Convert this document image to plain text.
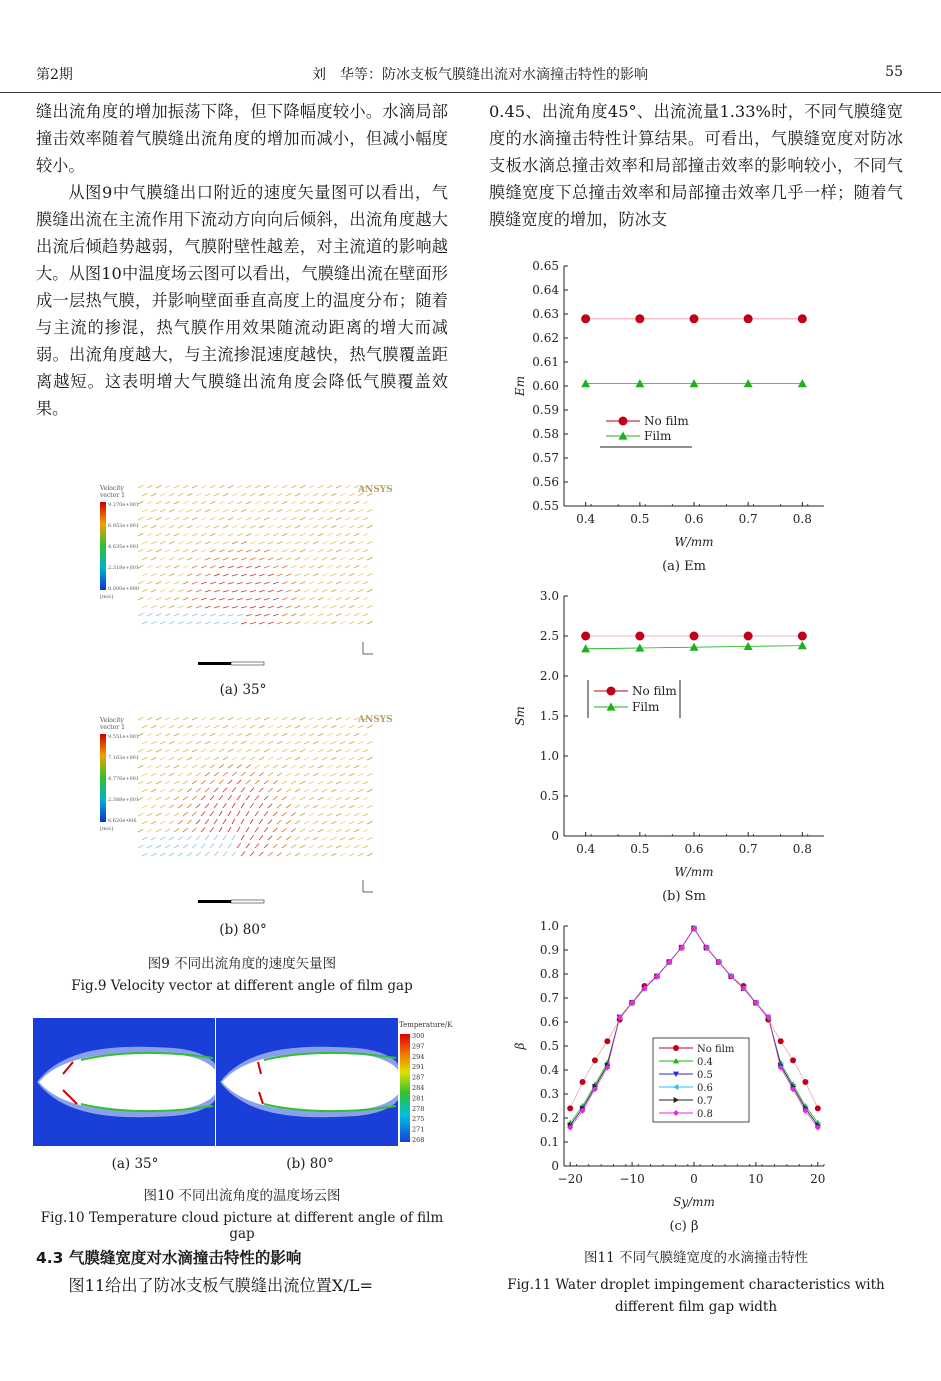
第2期	刘　华等：防冰支板气膜缝出流对水滴撞击特性的影响	55

缝出流角度的增加振荡下降，但下降幅度较小。水滴局部撞击效率随着气膜缝出流角度的增加而减小，但减小幅度较小。

从图9中气膜缝出口附近的速度矢量图可以看出，气膜缝出流在主流作用下流动方向向后倾斜，出流角度越大出流后倾趋势越弱，气膜附壁性越差，对主流道的影响越大。从图10中温度场云图可以看出，气膜缝出流在壁面形成一层热气膜，并影响壁面垂直高度上的温度分布；随着与主流的掺混，热气膜作用效果随流动距离的增大而减弱。出流角度越大，与主流掺混速度越快，热气膜覆盖距离越短。这表明增大气膜缝出流角度会降低气膜覆盖效果。

0.45、出流角度45°、出流流量1.33%时，不同气膜缝宽度的水滴撞击特性计算结果。可看出，气膜缝宽度对防冰支板水滴总撞击效率和局部撞击效率的影响较小，不同气膜缝宽度下总撞击效率和局部撞击效率几乎一样；随着气膜缝宽度的增加，防冰支

Velocity
vector 1
9.270e+001
6.953e+001
4.635e+001
2.318e+001
0.000e+000
[m/s]
ANSYS
(a) 35°
Velocity
vector 1
9.551e+001
7.163e+001
4.776e+001
2.388e+001
6.620e-006
[m/s]
ANSYS
(b) 80°
图9 不同出流角度的速度矢量图
Fig.9 Velocity vector at different angle of film gap
Temperature/K
300
297
294
291
287
284
281
278
275
271
268
(a) 35°	(b) 80°
图10 不同出流角度的温度场云图
Fig.10 Temperature cloud picture at different angle of film gap
4.3 气膜缝宽度对水滴撞击特性的影响

图11给出了防冰支板气膜缝出流位置X/L=

0.55
0.56
0.57
0.58
0.59
0.60
0.61
0.62
0.63
0.64
0.65
0.4	0.5	0.6	0.7	0.8
W/mm
Em
(a) Em
No film
Film
0
0.5
1.0
1.5
2.0
2.5
3.0
0.4	0.5	0.6	0.7	0.8
W/mm
Sm
(b) Sm
No film
Film
0
0.1
0.2
0.3
0.4
0.5
0.6
0.7
0.8
0.9
1.0
−20	−10	0	10	20
Sy/mm
β
(c) β
No film
0.4
0.5
0.6
0.7
0.8
图11 不同气膜缝宽度的水滴撞击特性
Fig.11 Water droplet impingement characteristics with different film gap width
